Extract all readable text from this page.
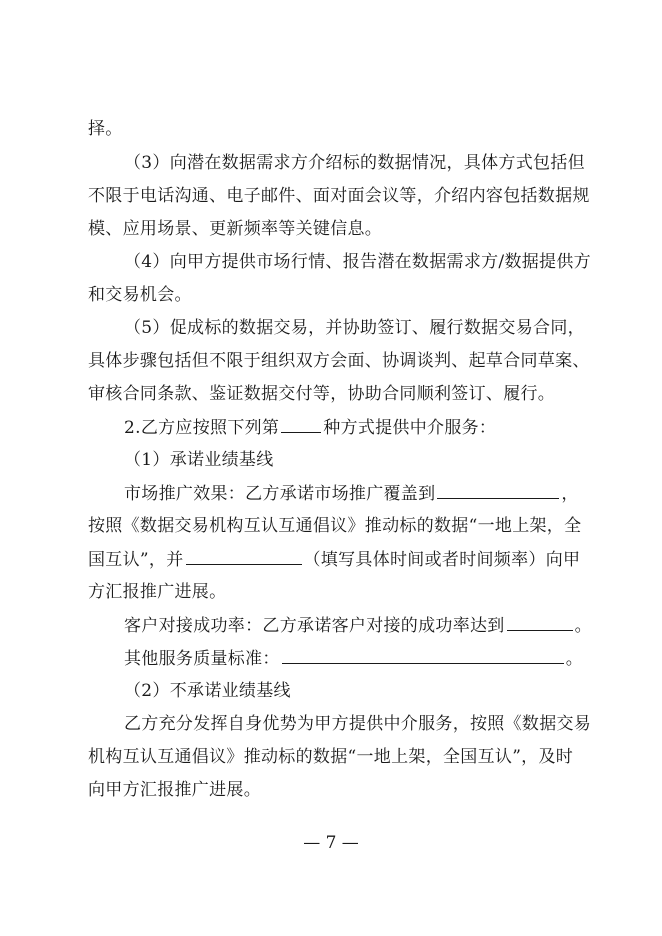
择。
（3）向潜在数据需求方介绍标的数据情况，具体方式包括但
不限于电话沟通、电子邮件、面对面会议等，介绍内容包括数据规
模、应用场景、更新频率等关键信息。
（4）向甲方提供市场行情、报告潜在数据需求方/数据提供方
和交易机会。
（5）促成标的数据交易，并协助签订、履行数据交易合同，
具体步骤包括但不限于组织双方会面、协调谈判、起草合同草案、
审核合同条款、鉴证数据交付等，协助合同顺利签订、履行。
2.乙方应按照下列第	种方式提供中介服务：
（1）承诺业绩基线
市场推广效果：乙方承诺市场推广覆盖到	，
按照《数据交易机构互认互通倡议》推动标的数据“一地上架，全
国互认”，并	（填写具体时间或者时间频率）向甲
方汇报推广进展。
客户对接成功率：乙方承诺客户对接的成功率达到	。
其他服务质量标准：	。
（2）不承诺业绩基线
乙方充分发挥自身优势为甲方提供中介服务，按照《数据交易
机构互认互通倡议》推动标的数据“一地上架，全国互认”，及时
向甲方汇报推广进展。
— 7 —
